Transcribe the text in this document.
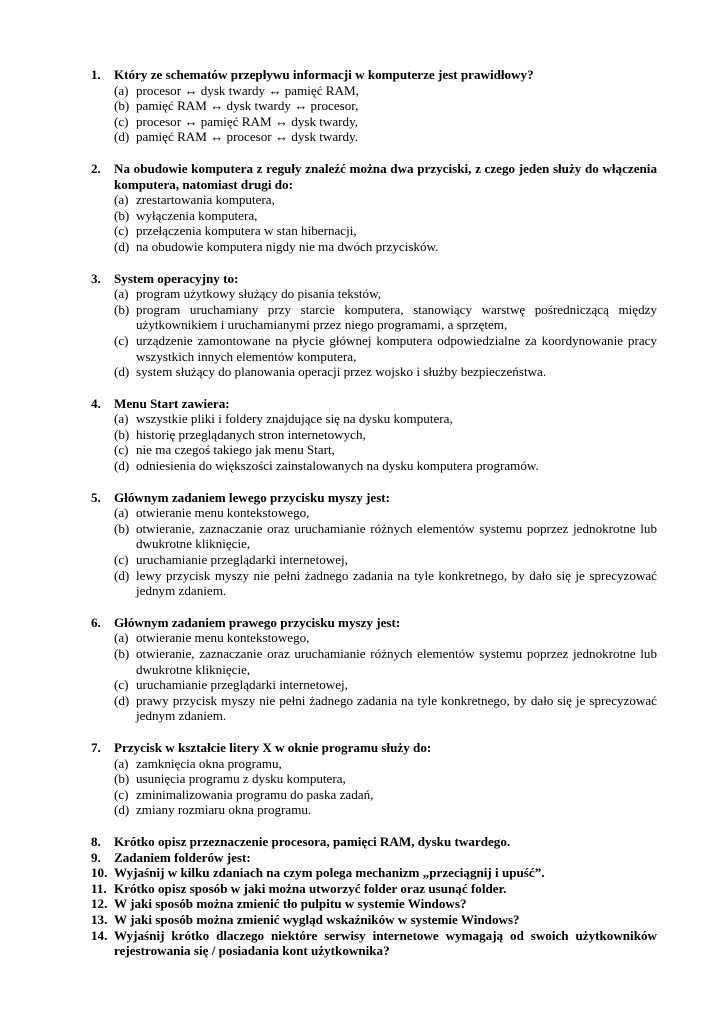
1. Który ze schematów przepływu informacji w komputerze jest prawidłowy?
(a) procesor ↔ dysk twardy ↔ pamięć RAM,
(b) pamięć RAM ↔ dysk twardy ↔ procesor,
(c) procesor ↔ pamięć RAM ↔ dysk twardy,
(d) pamięć RAM ↔ procesor ↔ dysk twardy.
2. Na obudowie komputera z reguły znaleźć można dwa przyciski, z czego jeden służy do włączenia komputera, natomiast drugi do:
(a) zrestartowania komputera,
(b) wyłączenia komputera,
(c) przełączenia komputera w stan hibernacji,
(d) na obudowie komputera nigdy nie ma dwóch przycisków.
3. System operacyjny to:
(a) program użytkowy służący do pisania tekstów,
(b) program uruchamiany przy starcie komputera, stanowiący warstwę pośredniczącą między użytkownikiem i uruchamianymi przez niego programami, a sprzętem,
(c) urządzenie zamontowane na płycie głównej komputera odpowiedzialne za koordynowanie pracy wszystkich innych elementów komputera,
(d) system służący do planowania operacji przez wojsko i służby bezpieczeństwa.
4. Menu Start zawiera:
(a) wszystkie pliki i foldery znajdujące się na dysku komputera,
(b) historię przeglądanych stron internetowych,
(c) nie ma czegoś takiego jak menu Start,
(d) odniesienia do większości zainstalowanych na dysku komputera programów.
5. Głównym zadaniem lewego przycisku myszy jest:
(a) otwieranie menu kontekstowego,
(b) otwieranie, zaznaczanie oraz uruchamianie różnych elementów systemu poprzez jednokrotne lub dwukrotne kliknięcie,
(c) uruchamianie przeglądarki internetowej,
(d) lewy przycisk myszy nie pełni żadnego zadania na tyle konkretnego, by dało się je sprecyzować jednym zdaniem.
6. Głównym zadaniem prawego przycisku myszy jest:
(a) otwieranie menu kontekstowego,
(b) otwieranie, zaznaczanie oraz uruchamianie różnych elementów systemu poprzez jednokrotne lub dwukrotne kliknięcie,
(c) uruchamianie przeglądarki internetowej,
(d) prawy przycisk myszy nie pełni żadnego zadania na tyle konkretnego, by dało się je sprecyzować jednym zdaniem.
7. Przycisk w kształcie litery X w oknie programu służy do:
(a) zamknięcia okna programu,
(b) usunięcia programu z dysku komputera,
(c) zminimalizowania programu do paska zadań,
(d) zmiany rozmiaru okna programu.
8. Krótko opisz przeznaczenie procesora, pamięci RAM, dysku twardego.
9. Zadaniem folderów jest:
10. Wyjaśnij w kilku zdaniach na czym polega mechanizm „przeciągnij i upuść”.
11. Krótko opisz sposób w jaki można utworzyć folder oraz usunąć folder.
12. W jaki sposób można zmienić tło pulpitu w systemie Windows?
13. W jaki sposób można zmienić wygląd wskaźników w systemie Windows?
14. Wyjaśnij krótko dlaczego niektóre serwisy internetowe wymagają od swoich użytkowników rejestrowania się / posiadania kont użytkownika?
